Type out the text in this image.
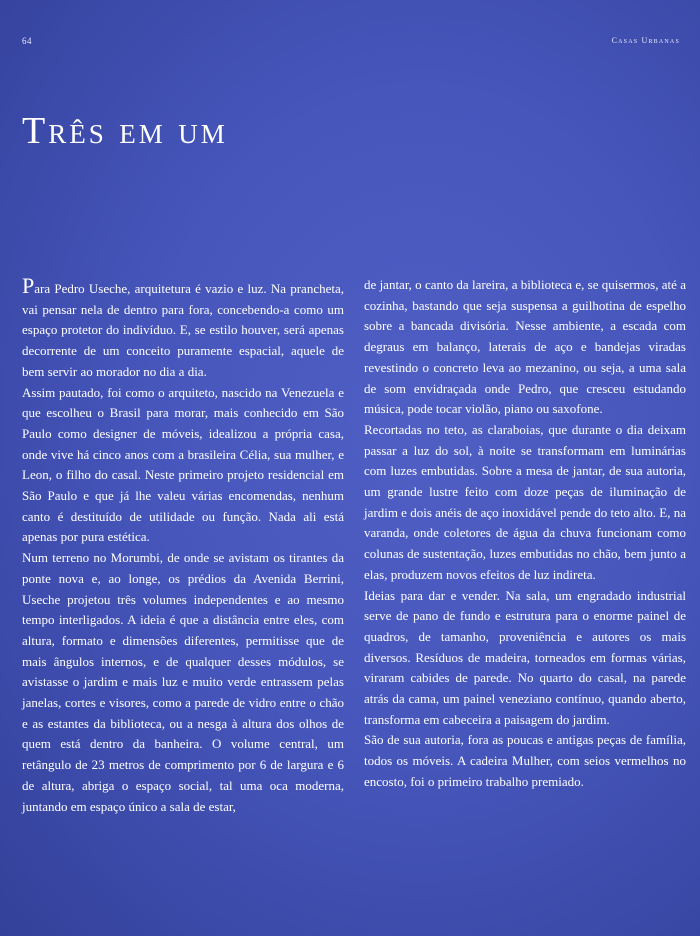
64	Casas Urbanas
Três em um

Para Pedro Useche, arquitetura é vazio e luz. Na prancheta, vai pensar nela de dentro para fora, concebendo-a como um espaço protetor do indivíduo. E, se estilo houver, será apenas decorrente de um conceito puramente espacial, aquele de bem servir ao morador no dia a dia.

Assim pautado, foi como o arquiteto, nascido na Venezuela e que escolheu o Brasil para morar, mais conhecido em São Paulo como designer de móveis, idealizou a própria casa, onde vive há cinco anos com a brasileira Célia, sua mulher, e Leon, o filho do casal. Neste primeiro projeto residencial em São Paulo e que já lhe valeu várias encomendas, nenhum canto é destituído de utilidade ou função. Nada ali está apenas por pura estética.

Num terreno no Morumbi, de onde se avistam os tirantes da ponte nova e, ao longe, os prédios da Avenida Berrini, Useche projetou três volumes independentes e ao mesmo tempo interligados. A ideia é que a distância entre eles, com altura, formato e dimensões diferentes, permitisse que de mais ângulos internos, e de qualquer desses módulos, se avistasse o jardim e mais luz e muito verde entrassem pelas janelas, cortes e visores, como a parede de vidro entre o chão e as estantes da biblioteca, ou a nesga à altura dos olhos de quem está dentro da banheira. O volume central, um retângulo de 23 metros de comprimento por 6 de largura e 6 de altura, abriga o espaço social, tal uma oca moderna, juntando em espaço único a sala de estar,

de jantar, o canto da lareira, a biblioteca e, se quisermos, até a cozinha, bastando que seja suspensa a guilhotina de espelho sobre a bancada divisória. Nesse ambiente, a escada com degraus em balanço, laterais de aço e bandejas viradas revestindo o concreto leva ao mezanino, ou seja, a uma sala de som envidraçada onde Pedro, que cresceu estudando música, pode tocar violão, piano ou saxofone.

Recortadas no teto, as claraboias, que durante o dia deixam passar a luz do sol, à noite se transformam em luminárias com luzes embutidas. Sobre a mesa de jantar, de sua autoria, um grande lustre feito com doze peças de iluminação de jardim e dois anéis de aço inoxidável pende do teto alto. E, na varanda, onde coletores de água da chuva funcionam como colunas de sustentação, luzes embutidas no chão, bem junto a elas, produzem novos efeitos de luz indireta.

Ideias para dar e vender. Na sala, um engradado industrial serve de pano de fundo e estrutura para o enorme painel de quadros, de tamanho, proveniência e autores os mais diversos. Resíduos de madeira, torneados em formas várias, viraram cabides de parede. No quarto do casal, na parede atrás da cama, um painel veneziano contínuo, quando aberto, transforma em cabeceira a paisagem do jardim.

São de sua autoria, fora as poucas e antigas peças de família, todos os móveis. A cadeira Mulher, com seios vermelhos no encosto, foi o primeiro trabalho premiado.
